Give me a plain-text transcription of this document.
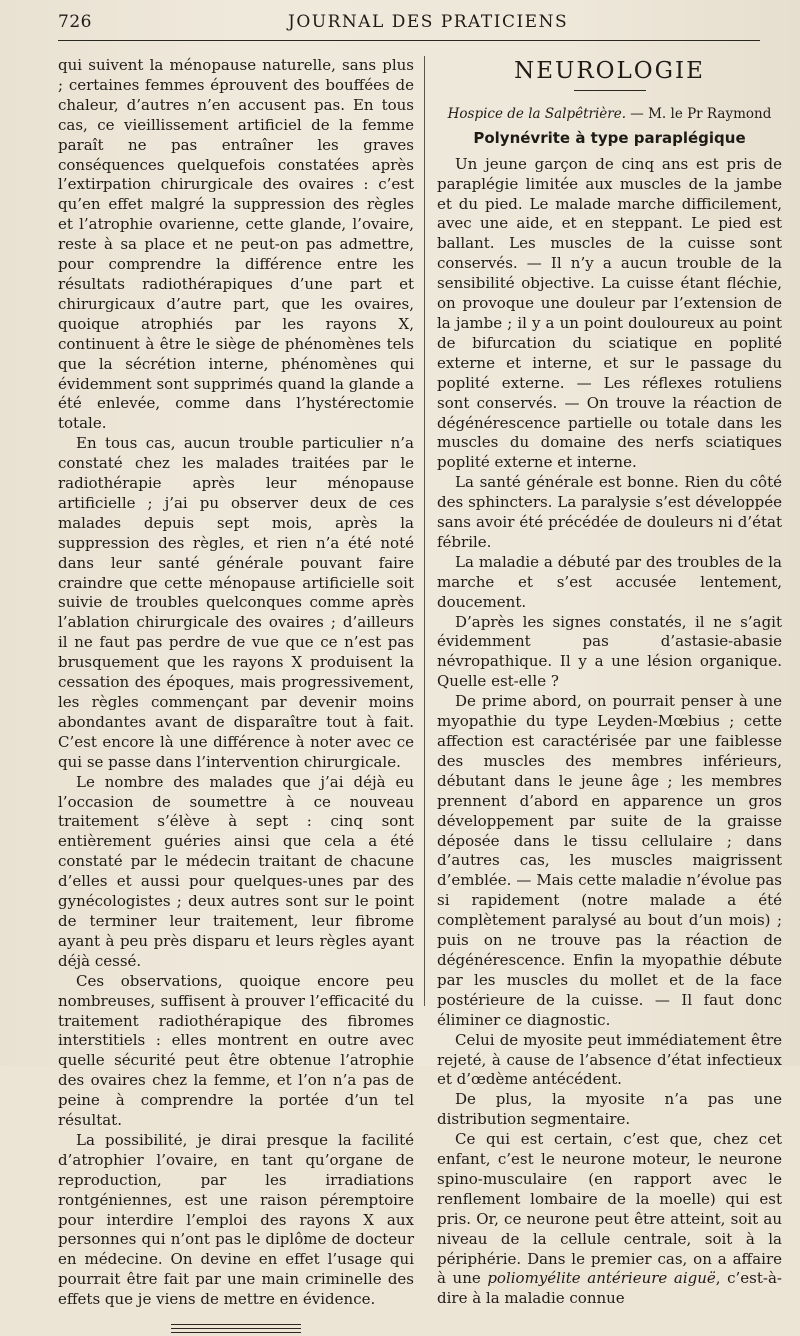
726	JOURNAL DES PRATICIENS

qui suivent la ménopause naturelle, sans plus ; certaines femmes éprouvent des bouffées de chaleur, d’autres n’en accusent pas. En tous cas, ce vieillissement artificiel de la femme paraît ne pas entraîner les graves conséquences quelquefois constatées après l’extirpation chirurgicale des ovaires : c’est qu’en effet malgré la suppression des règles et l’atrophie ovarienne, cette glande, l’ovaire, reste à sa place et ne peut-on pas admettre, pour comprendre la différence entre les résultats radiothérapiques d’une part et chirurgicaux d’autre part, que les ovaires, quoique atrophiés par les rayons X, continuent à être le siège de phénomènes tels que la sécrétion interne, phénomènes qui évidemment sont supprimés quand la glande a été enlevée, comme dans l’hystérectomie totale.

En tous cas, aucun trouble particulier n’a constaté chez les malades traitées par le radiothérapie après leur ménopause artificielle ; j’ai pu observer deux de ces malades depuis sept mois, après la suppression des règles, et rien n’a été noté dans leur santé générale pouvant faire craindre que cette ménopause artificielle soit suivie de troubles quelconques comme après l’ablation chirurgicale des ovaires ; d’ailleurs il ne faut pas perdre de vue que ce n’est pas brusquement que les rayons X produisent la cessation des époques, mais progressivement, les règles commençant par devenir moins abondantes avant de disparaître tout à fait. C’est encore là une différence à noter avec ce qui se passe dans l’intervention chirurgicale.

Le nombre des malades que j’ai déjà eu l’occasion de soumettre à ce nouveau traitement s’élève à sept : cinq sont entièrement guéries ainsi que cela a été constaté par le médecin traitant de chacune d’elles et aussi pour quelques-unes par des gynécologistes ; deux autres sont sur le point de terminer leur traitement, leur fibrome ayant à peu près disparu et leurs règles ayant déjà cessé.

Ces observations, quoique encore peu nombreuses, suffisent à prouver l’efficacité du traitement radiothérapique des fibromes interstitiels : elles montrent en outre avec quelle sécurité peut être obtenue l’atrophie des ovaires chez la femme, et l’on n’a pas de peine à comprendre la portée d’un tel résultat.

La possibilité, je dirai presque la facilité d’atrophier l’ovaire, en tant qu’organe de reproduction, par les irradiations rontgéniennes, est une raison péremptoire pour interdire l’emploi des rayons X aux personnes qui n’ont pas le diplôme de docteur en médecine. On devine en effet l’usage qui pourrait être fait par une main criminelle des effets que je viens de mettre en évidence.

NEUROLOGIE

Hospice de la Salpêtrière. — M. le Pr Raymond

Polynévrite à type paraplégique

Un jeune garçon de cinq ans est pris de paraplégie limitée aux muscles de la jambe et du pied. Le malade marche difficilement, avec une aide, et en steppant. Le pied est ballant. Les muscles de la cuisse sont conservés. — Il n’y a aucun trouble de la sensibilité objective. La cuisse étant fléchie, on provoque une douleur par l’extension de la jambe ; il y a un point douloureux au point de bifurcation du sciatique en poplité externe et interne, et sur le passage du poplité externe. — Les réflexes rotuliens sont conservés. — On trouve la réaction de dégénérescence partielle ou totale dans les muscles du domaine des nerfs sciatiques poplité externe et interne.

La santé générale est bonne. Rien du côté des sphincters. La paralysie s’est développée sans avoir été précédée de douleurs ni d’état fébrile.

La maladie a débuté par des troubles de la marche et s’est accusée lentement, doucement.

D’après les signes constatés, il ne s’agit évidemment pas d’astasie-abasie névropathique. Il y a une lésion organique. Quelle est-elle ?

De prime abord, on pourrait penser à une myopathie du type Leyden-Mœbius ; cette affection est caractérisée par une faiblesse des muscles des membres inférieurs, débutant dans le jeune âge ; les membres prennent d’abord en apparence un gros développement par suite de la graisse déposée dans le tissu cellulaire ; dans d’autres cas, les muscles maigrissent d’emblée. — Mais cette maladie n’évolue pas si rapidement (notre malade a été complètement paralysé au bout d’un mois) ; puis on ne trouve pas la réaction de dégénérescence. Enfin la myopathie débute par les muscles du mollet et de la face postérieure de la cuisse. — Il faut donc éliminer ce diagnostic.

Celui de myosite peut immédiatement être rejeté, à cause de l’absence d’état infectieux et d’œdème antécédent.

De plus, la myosite n’a pas une distribution segmentaire.

Ce qui est certain, c’est que, chez cet enfant, c’est le neurone moteur, le neurone spino-musculaire (en rapport avec le renflement lombaire de la moelle) qui est pris. Or, ce neurone peut être atteint, soit au niveau de la cellule centrale, soit à la périphérie. Dans le premier cas, on a affaire à une poliomyélite antérieure aiguë, c’est-à-dire à la maladie connue
